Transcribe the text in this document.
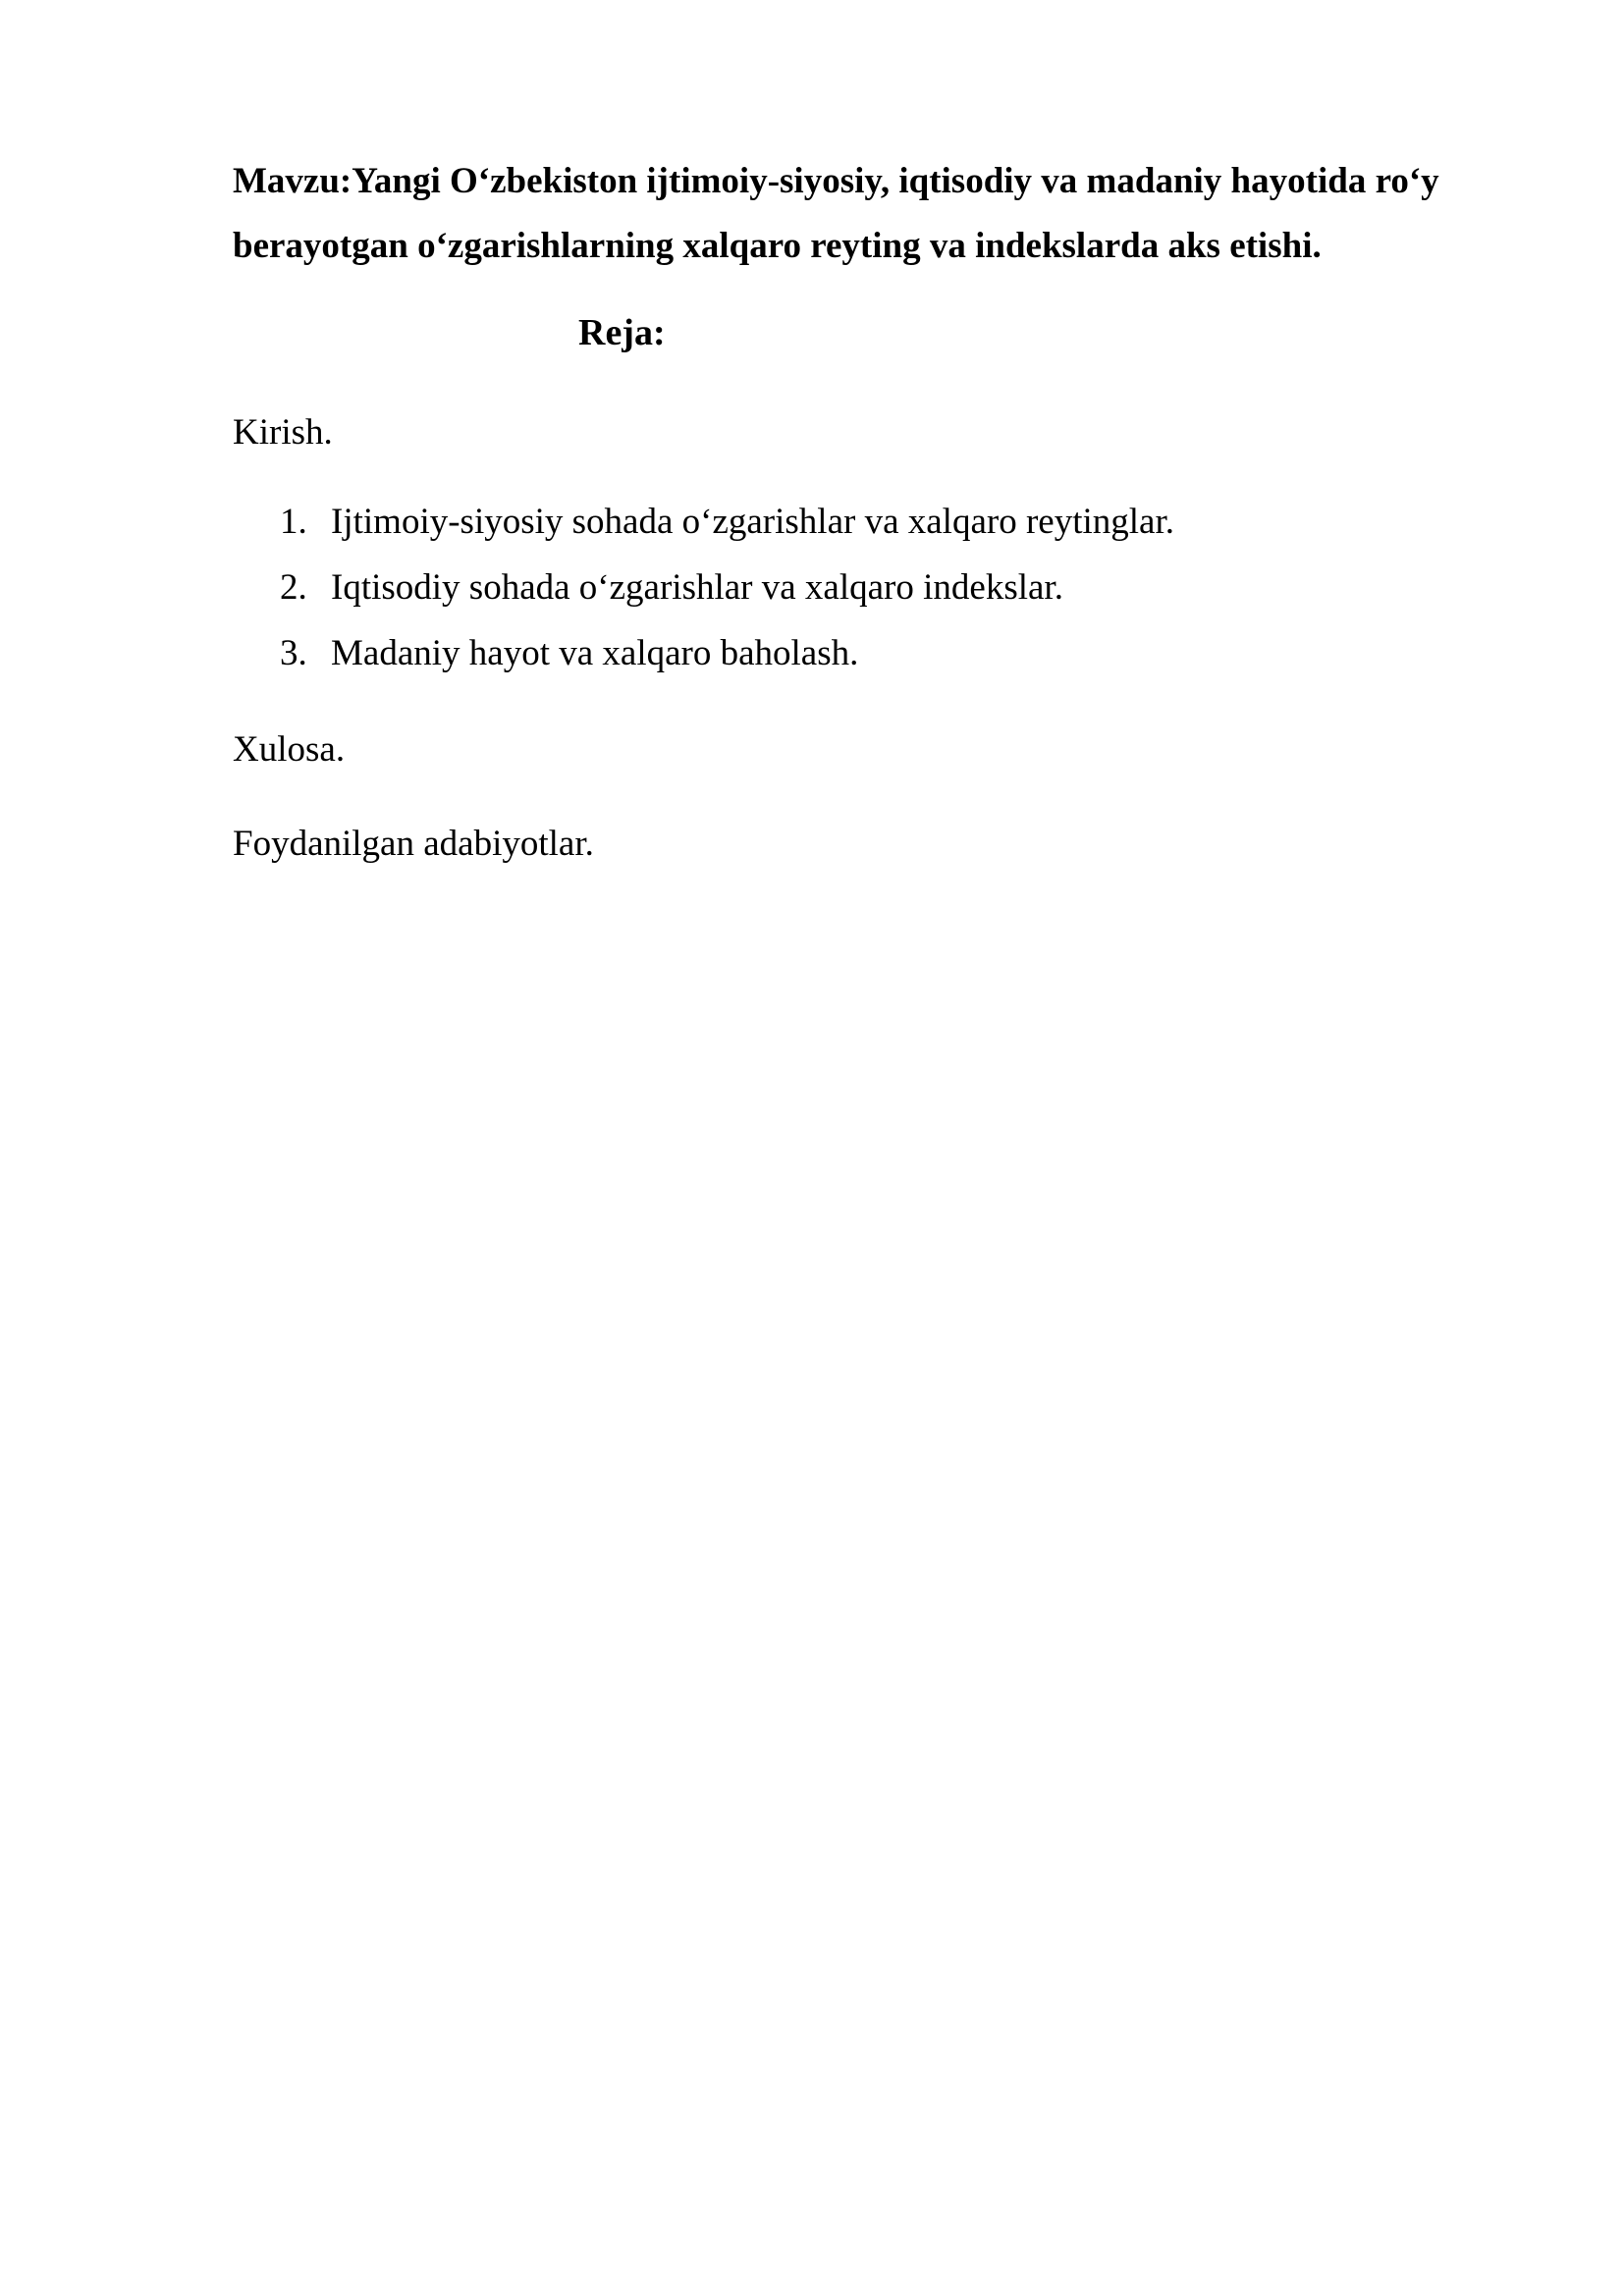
Mavzu:Yangi O‘zbekiston ijtimoiy-siyosiy, iqtisodiy va madaniy hayotida ro‘y berayotgan o‘zgarishlarning xalqaro reyting va indekslarda aks etishi.

Reja:

Kirish.

1. Ijtimoiy-siyosiy sohada o‘zgarishlar va xalqaro reytinglar.
2. Iqtisodiy sohada o‘zgarishlar va xalqaro indekslar.
3. Madaniy hayot va xalqaro baholash.

Xulosa.

Foydanilgan adabiyotlar.
